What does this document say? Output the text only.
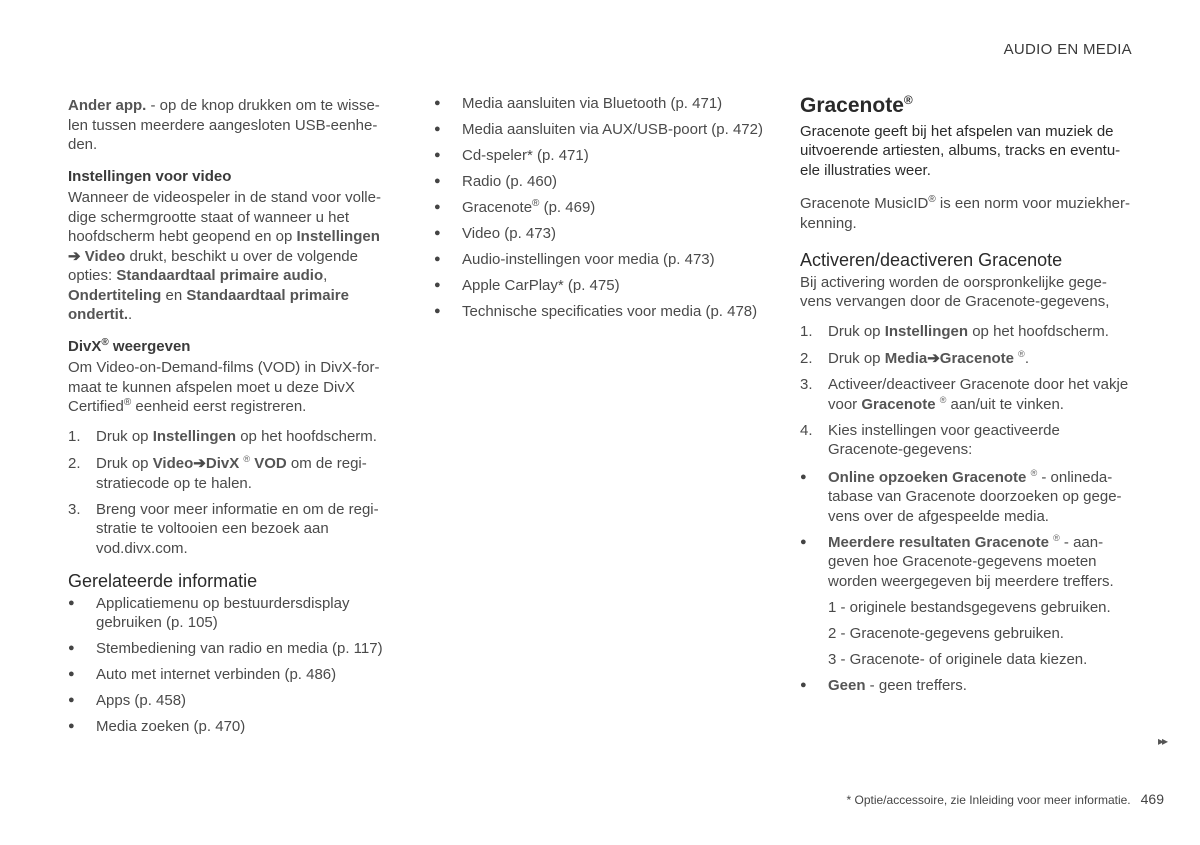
AUDIO EN MEDIA

Ander app. - op de knop drukken om te wisse-len tussen meerdere aangesloten USB-eenhe-den.

Instellingen voor video

Wanneer de videospeler in de stand voor volle-dige schermgrootte staat of wanneer u het hoofdscherm hebt geopend en op Instellingen
➔ Video drukt, beschikt u over de volgende opties: Standaardtaal primaire audio, Ondertiteling en Standaardtaal primaire ondertit..

DivX® weergeven

Om Video-on-Demand-films (VOD) in DivX-for-maat te kunnen afspelen moet u deze DivX Certified® eenheid eerst registreren.

1. Druk op Instellingen op het hoofdscherm.
2. Druk op Video➔DivX ® VOD om de regi-stratiecode op te halen.
3. Breng voor meer informatie en om de regi-stratie te voltooien een bezoek aan vod.divx.com.
Gerelateerde informatie
● Applicatiemenu op bestuurdersdisplay gebruiken (p. 105)
● Stembediening van radio en media (p. 117)
● Auto met internet verbinden (p. 486)
● Apps (p. 458)
● Media zoeken (p. 470)
● Media aansluiten via Bluetooth (p. 471)
● Media aansluiten via AUX/USB-poort (p. 472)
● Cd-speler* (p. 471)
● Radio (p. 460)
● Gracenote® (p. 469)
● Video (p. 473)
● Audio-instellingen voor media (p. 473)
● Apple CarPlay* (p. 475)
● Technische specificaties voor media (p. 478)
Gracenote®

Gracenote geeft bij het afspelen van muziek de uitvoerende artiesten, albums, tracks en eventu-ele illustraties weer.

Gracenote MusicID® is een norm voor muziekher-kenning.

Activeren/deactiveren Gracenote

Bij activering worden de oorspronkelijke gege-vens vervangen door de Gracenote-gegevens,

1. Druk op Instellingen op het hoofdscherm.
2. Druk op Media➔Gracenote ®.
3. Activeer/deactiveer Gracenote door het vakje voor Gracenote ® aan/uit te vinken.
4. Kies instellingen voor geactiveerde Gracenote-gegevens:
● Online opzoeken Gracenote ® - onlineda-tabase van Gracenote doorzoeken op gege-vens over de afgespeelde media.
● Meerdere resultaten Gracenote ® - aan-geven hoe Gracenote-gegevens moeten worden weergegeven bij meerdere treffers.
1 - originele bestandsgegevens gebruiken.
2 - Gracenote-gegevens gebruiken.
3 - Gracenote- of originele data kiezen.
● Geen - geen treffers.
▸▸
* Optie/accessoire, zie Inleiding voor meer informatie. 469
